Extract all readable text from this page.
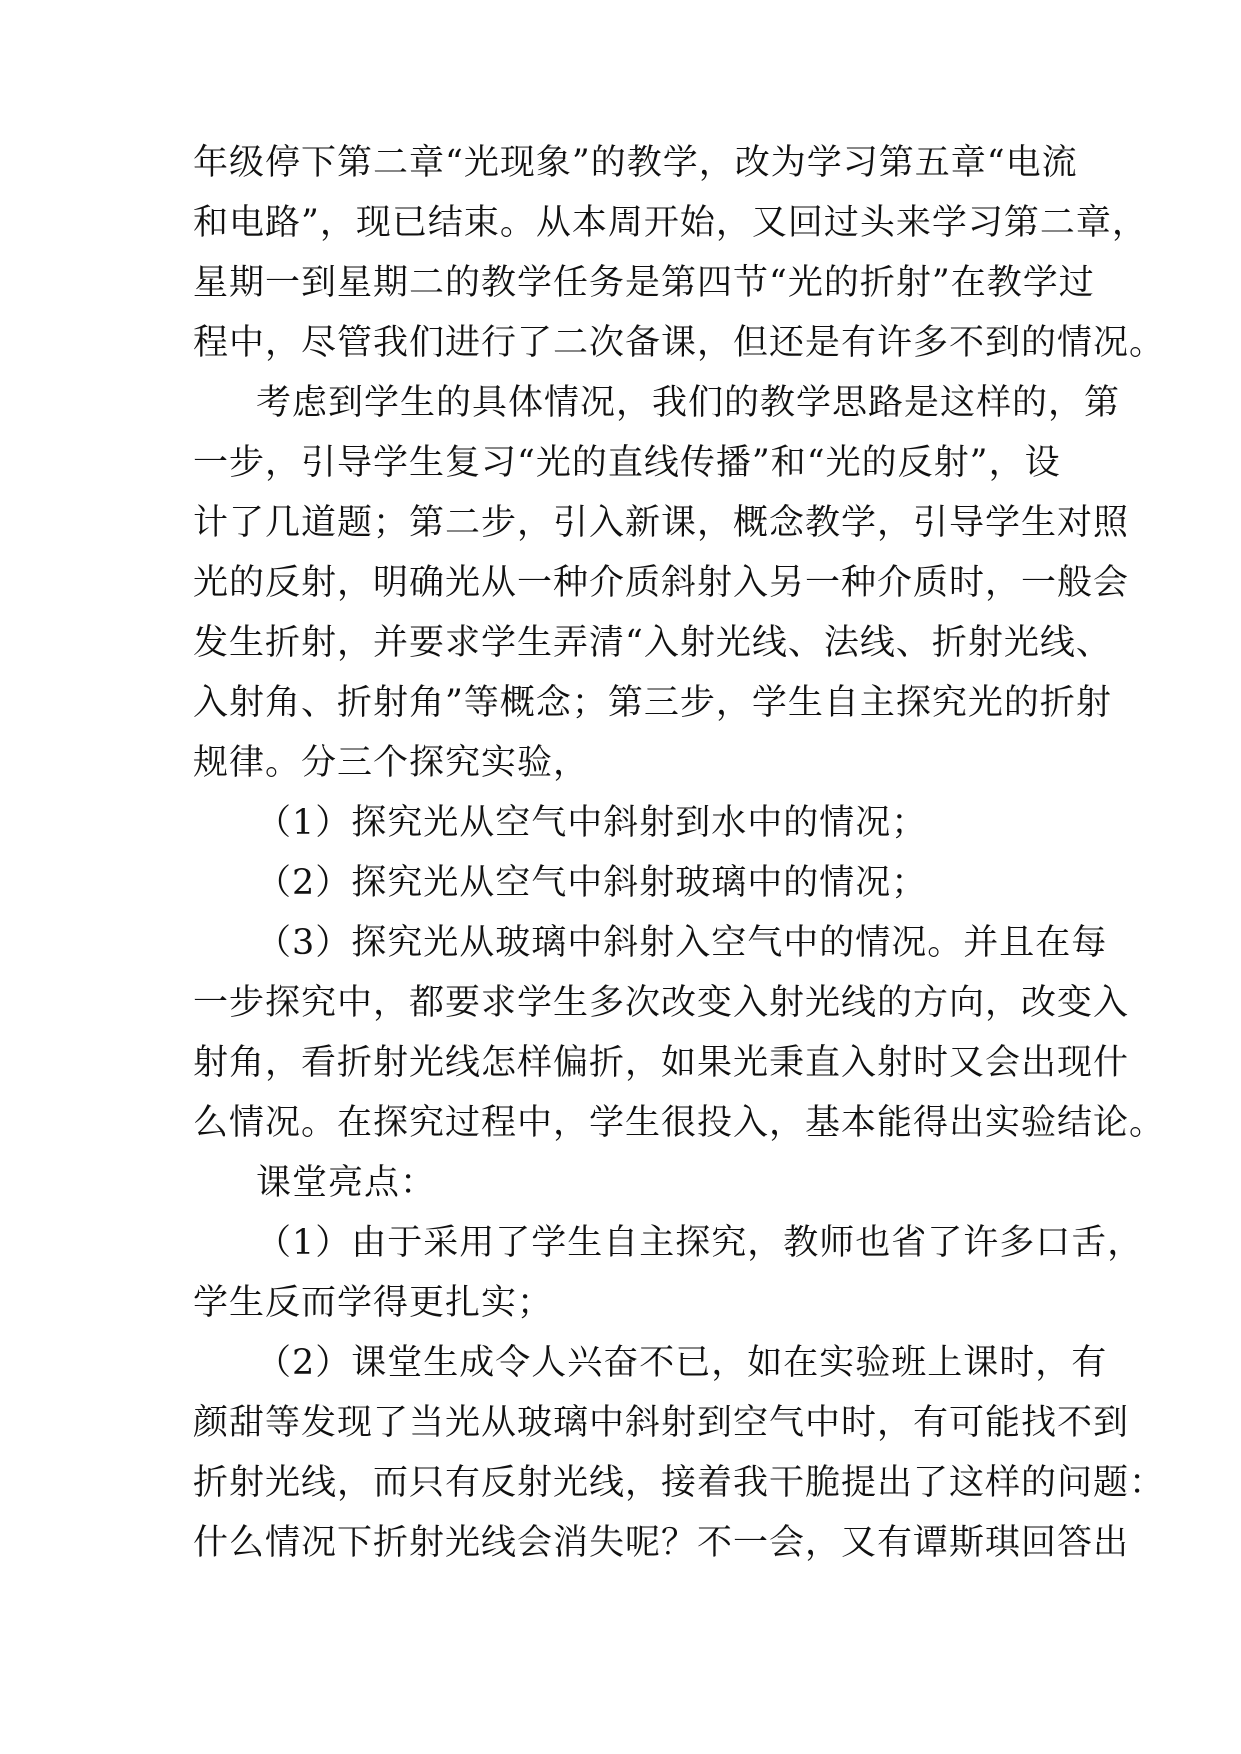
年级停下第二章“光现象”的教学，改为学习第五章“电流
和电路”，现已结束。从本周开始，又回过头来学习第二章，
星期一到星期二的教学任务是第四节“光的折射”在教学过
程中，尽管我们进行了二次备课，但还是有许多不到的情况。
考虑到学生的具体情况，我们的教学思路是这样的，第
一步，引导学生复习“光的直线传播”和“光的反射”，设
计了几道题；第二步，引入新课，概念教学，引导学生对照
光的反射，明确光从一种介质斜射入另一种介质时，一般会
发生折射，并要求学生弄清“入射光线、法线、折射光线、
入射角、折射角”等概念；第三步，学生自主探究光的折射
规律。分三个探究实验，
（1）探究光从空气中斜射到水中的情况；
（2）探究光从空气中斜射玻璃中的情况；
（3）探究光从玻璃中斜射入空气中的情况。并且在每
一步探究中，都要求学生多次改变入射光线的方向，改变入
射角，看折射光线怎样偏折，如果光秉直入射时又会出现什
么情况。在探究过程中，学生很投入，基本能得出实验结论。
课堂亮点：
（1）由于采用了学生自主探究，教师也省了许多口舌，
学生反而学得更扎实；
（2）课堂生成令人兴奋不已，如在实验班上课时，有
颜甜等发现了当光从玻璃中斜射到空气中时，有可能找不到
折射光线，而只有反射光线，接着我干脆提出了这样的问题：
什么情况下折射光线会消失呢？不一会，又有谭斯琪回答出
